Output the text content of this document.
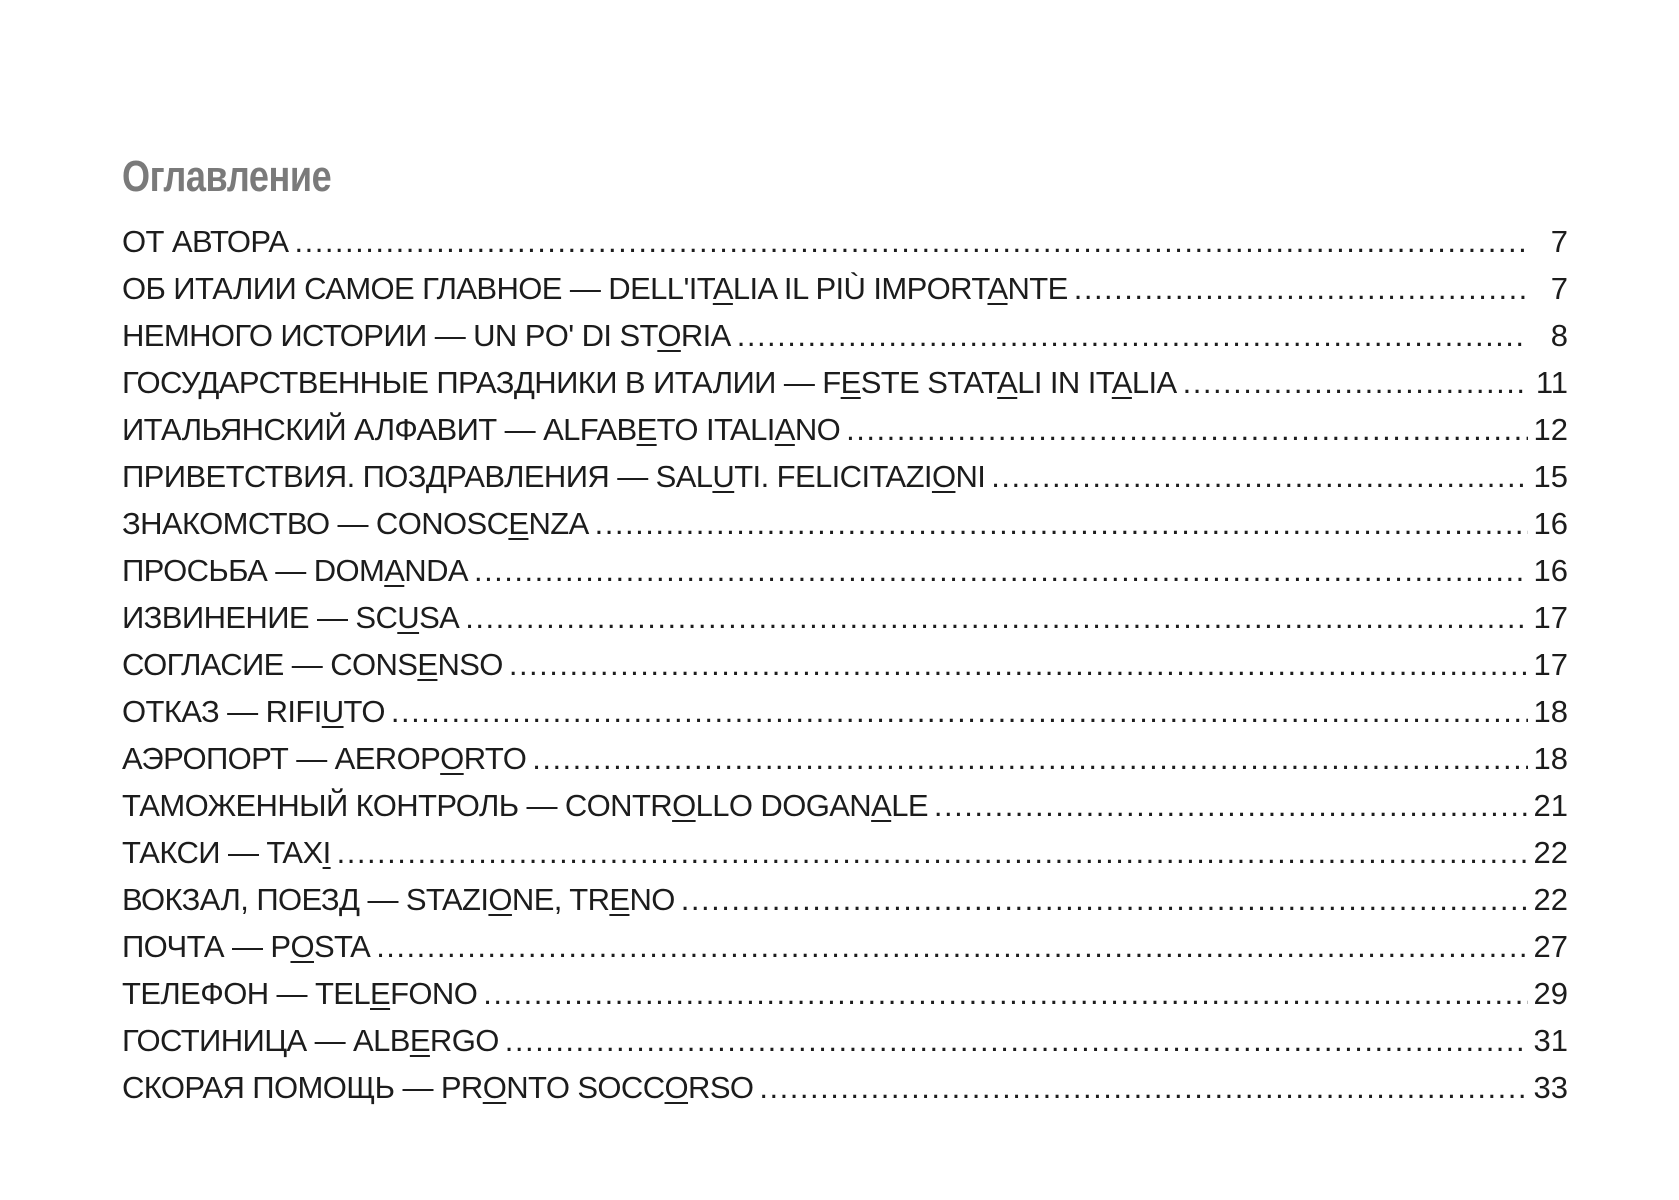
Оглавление
ОТ АВТОРА .....	7
ОБ ИТАЛИИ САМОЕ ГЛАВНОЕ — DELL'ITALIA IL PIÙ IMPORTANTE .....	7
НЕМНОГО ИСТОРИИ — UN PO' DI STORIA .....	8
ГОСУДАРСТВЕННЫЕ ПРАЗДНИКИ В ИТАЛИИ — FESTE STATALI IN ITALIA .....	11
ИТАЛЬЯНСКИЙ АЛФАВИТ — ALFABETO ITALIANO .....	12
ПРИВЕТСТВИЯ. ПОЗДРАВЛЕНИЯ — SALUTI. FELICITAZIONI .....	15
ЗНАКОМСТВО — CONOSCENZA .....	16
ПРОСЬБА — DOMANDA .....	16
ИЗВИНЕНИЕ — SCUSA .....	17
СОГЛАСИЕ — CONSENSO .....	17
ОТКАЗ — RIFIUTO .....	18
АЭРОПОРТ — AEROPORTO .....	18
ТАМОЖЕННЫЙ КОНТРОЛЬ — CONTROLLO DOGANALE .....	21
ТАКСИ — TAXI .....	22
ВОКЗАЛ, ПОЕЗД — STAZIONE, TRENO .....	22
ПОЧТА — POSTA .....	27
ТЕЛЕФОН — TELEFONO .....	29
ГОСТИНИЦА — ALBERGO .....	31
СКОРАЯ ПОМОЩЬ — PRONTO SOCCORSO .....	33
